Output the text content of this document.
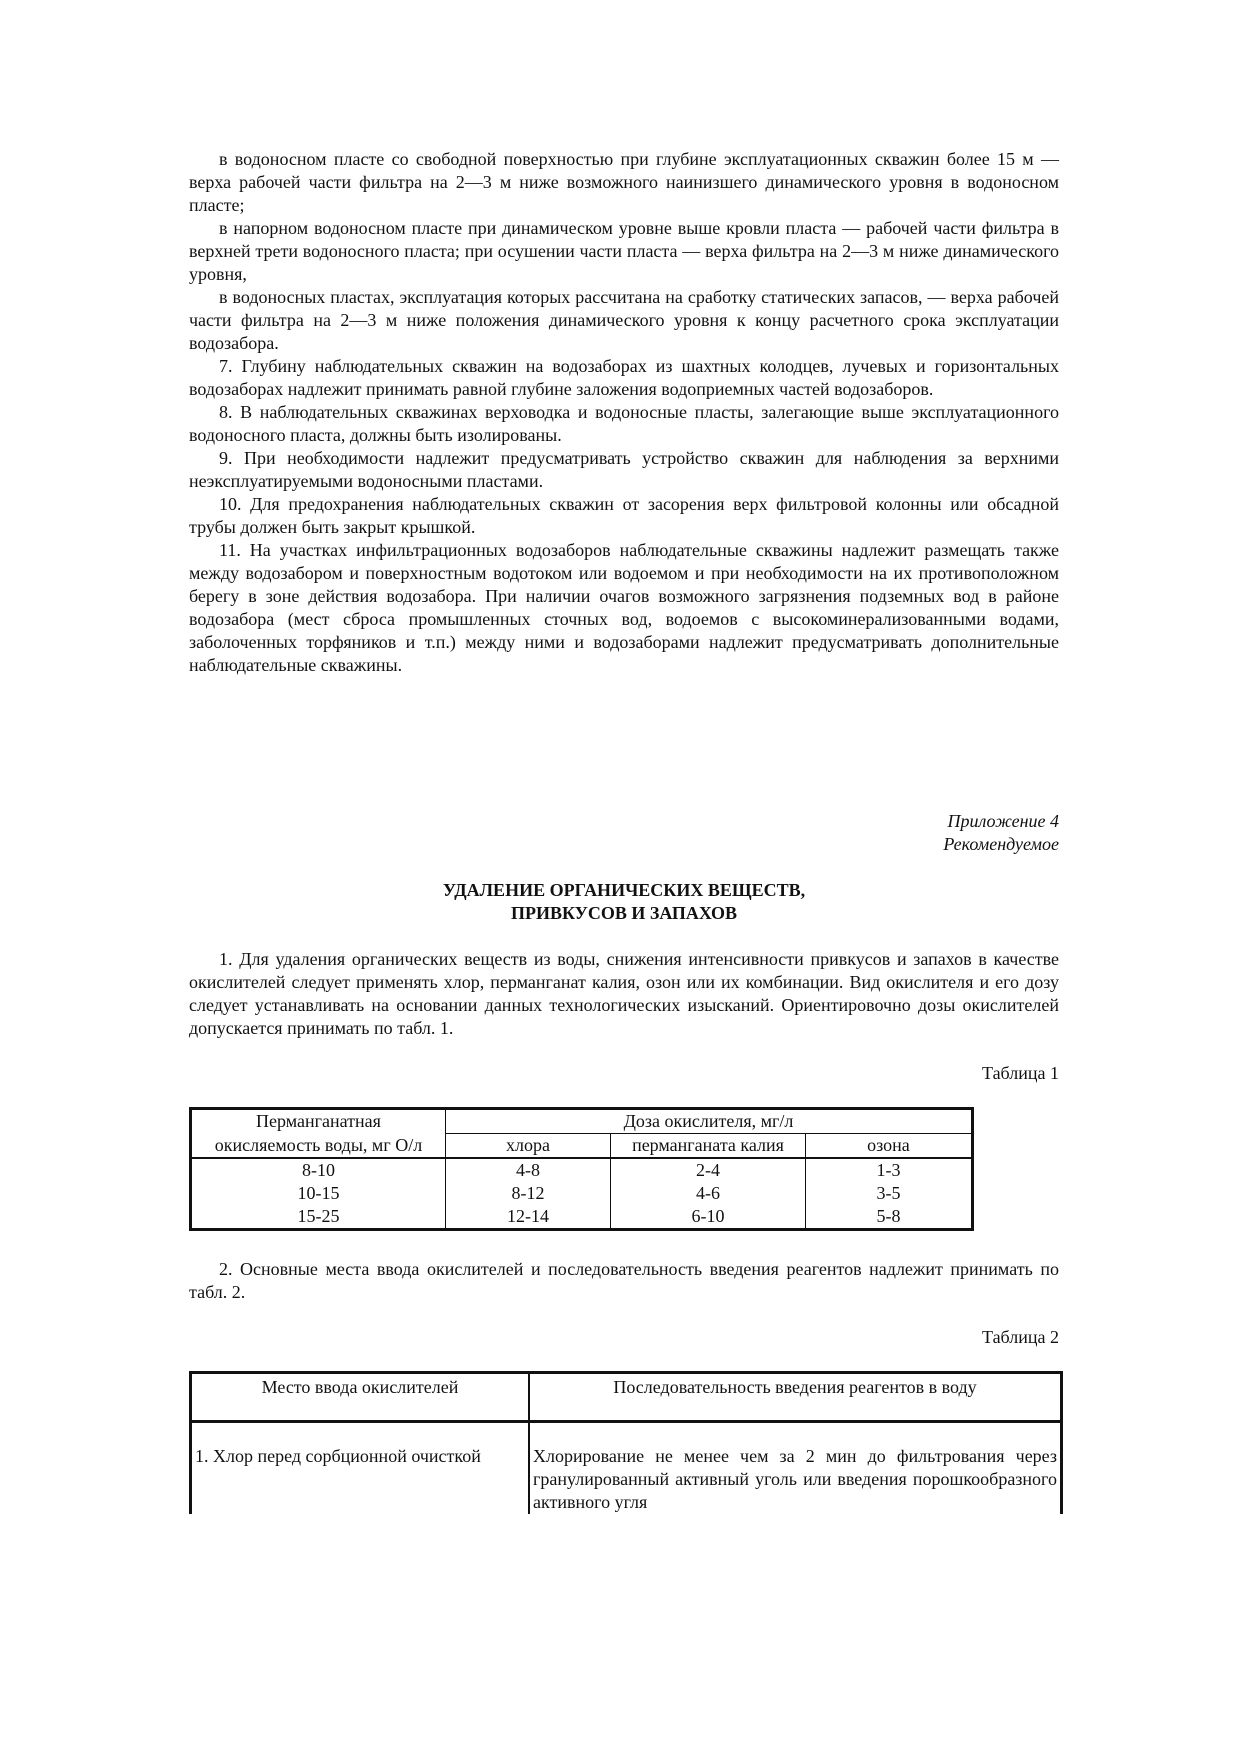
в водоносном пласте со свободной поверхностью при глубине эксплуатационных скважин более 15 м — верха рабочей части фильтра на 2—3 м ниже возможного наинизшего динамического уровня в водоносном пласте;

в напорном водоносном пласте при динамическом уровне выше кровли пласта — рабочей части фильтра в верхней трети водоносного пласта; при осушении части пласта — верха фильтра на 2—3 м ниже динамического уровня,

в водоносных пластах, эксплуатация которых рассчитана на сработку статических запасов, — верха рабочей части фильтра на 2—3 м ниже положения динамического уровня к концу расчетного срока эксплуатации водозабора.

7. Глубину наблюдательных скважин на водозаборах из шахтных колодцев, лучевых и горизонтальных водозаборах надлежит принимать равной глубине заложения водоприемных частей водозаборов.

8. В наблюдательных скважинах верховодка и водоносные пласты, залегающие выше эксплуатационного водоносного пласта, должны быть изолированы.

9. При необходимости надлежит предусматривать устройство скважин для наблюдения за верхними неэксплуатируемыми водоносными пластами.

10. Для предохранения наблюдательных скважин от засорения верх фильтровой колонны или обсадной трубы должен быть закрыт крышкой.

11. На участках инфильтрационных водозаборов наблюдательные скважины надлежит размещать также между водозабором и поверхностным водотоком или водоемом и при необходимости на их противоположном берегу в зоне действия водозабора. При наличии очагов возможного загрязнения подземных вод в районе водозабора (мест сброса промышленных сточных вод, водоемов с высокоминерализованными водами, заболоченных торфяников и т.п.) между ними и водозаборами надлежит предусматривать дополнительные наблюдательные скважины.

Приложение 4

Рекомендуемое

УДАЛЕНИЕ ОРГАНИЧЕСКИХ ВЕЩЕСТВ,

ПРИВКУСОВ И ЗАПАХОВ

1. Для удаления органических веществ из воды, снижения интенсивности привкусов и запахов в качестве окислителей следует применять хлор, перманганат калия, озон или их комбинации. Вид окислителя и его дозу следует устанавливать на основании данных технологических изысканий. Ориентировочно дозы окислителей допускается принимать по табл. 1.

Таблица 1

Перманганатная	Доза окислителя, мг/л		
окисляемость воды, мг О/л	хлора	перманганата калия	озона
8-10	4-8	2-4	1-3
10-15	8-12	4-6	3-5
15-25	12-14	6-10	5-8

2. Основные места ввода окислителей и последовательность введения реагентов надлежит принимать по табл. 2.

Таблица 2

Место ввода окислителей	Последовательность введения реагентов в воду
1. Хлор перед сорбционной очисткой	Хлорирование не менее чем за 2 мин до фильтрования через гранулированный активный уголь или введения порошкообразного активного угля
